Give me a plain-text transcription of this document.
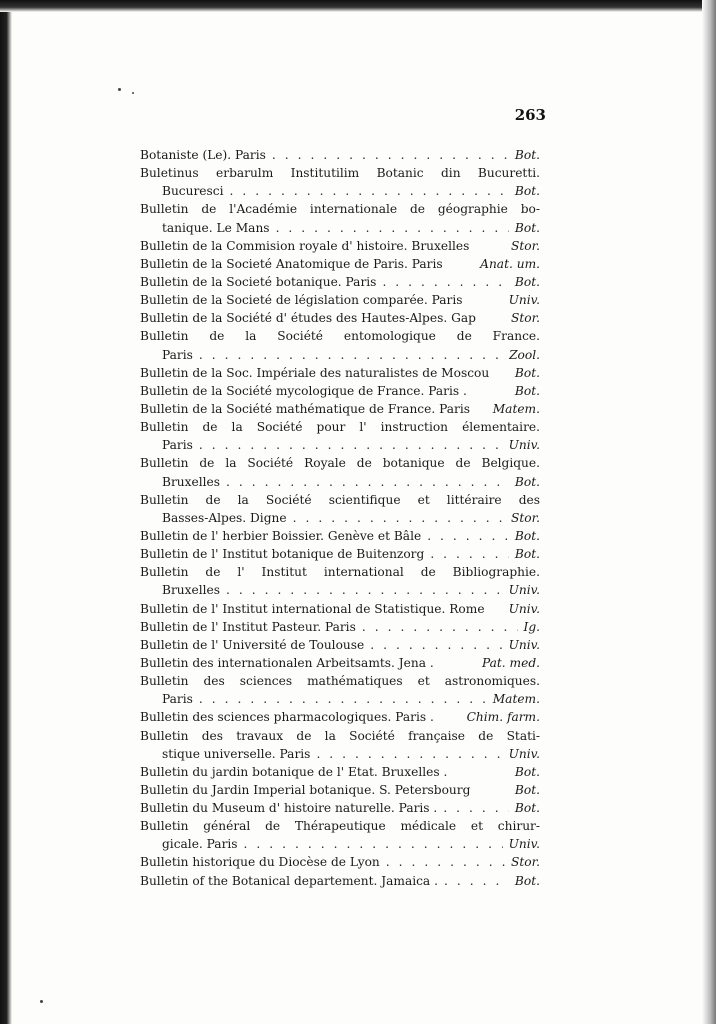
263
Botaniste (Le). Paris .....	Bot.
Buletinus erbarulm Institutilim Botanic din Bucuretti.
Bucuresci .....	Bot.
Bulletin de l'Académie internationale de géographie bo-
tanique. Le Mans .....	Bot.
Bulletin de la Commision royale d' histoire. Bruxelles	Stor.
Bulletin de la Societé Anatomique de Paris. Paris	Anat. um.
Bulletin de la Societé botanique. Paris .....	Bot.
Bulletin de la Societé de législation comparée. Paris	Univ.
Bulletin de la Société d' études des Hautes-Alpes. Gap	Stor.
Bulletin de la Société entomologique de France.
Paris .....	Zool.
Bulletin de la Soc. Impériale des naturalistes de Moscou Bot.
Bulletin de la Société mycologique de France. Paris .	Bot.
Bulletin de la Société mathématique de France. Paris Matem.
Bulletin de la Société pour l' instruction élementaire.
Paris .....	Univ.
Bulletin de la Société Royale de botanique de Belgique.
Bruxelles .....	Bot.
Bulletin de la Société scientifique et littéraire des
Basses-Alpes. Digne .....	Stor.
Bulletin de l' herbier Boissier. Genève et Bâle .....	Bot.
Bulletin de l' Institut botanique de Buitenzorg .....	Bot.
Bulletin de l' Institut international de Bibliographie.
Bruxelles .....	Univ.
Bulletin de l' Institut international de Statistique. Rome Univ.
Bulletin de l' Institut Pasteur. Paris .....	Ig.
Bulletin de l' Université de Toulouse .....	Univ.
Bulletin des internationalen Arbeitsamts. Jena .	Pat. med.
Bulletin des sciences mathématiques et astronomiques.
Paris .....	Matem.
Bulletin des sciences pharmacologiques. Paris .	Chim. farm.
Bulletin des travaux de la Société française de Stati-
stique universelle. Paris .....	Univ.
Bulletin du jardin botanique de l' Etat. Bruxelles .	Bot.
Bulletin du Jardin Imperial botanique. S. Petersbourg	Bot.
Bulletin du Museum d' histoire naturelle. Paris . .....	Bot.
Bulletin général de Thérapeutique médicale et chirur-
gicale. Paris .....	Univ.
Bulletin historique du Diocèse de Lyon .....	Stor.
Bulletin of the Botanical departement. Jamaica . .....	Bot.
